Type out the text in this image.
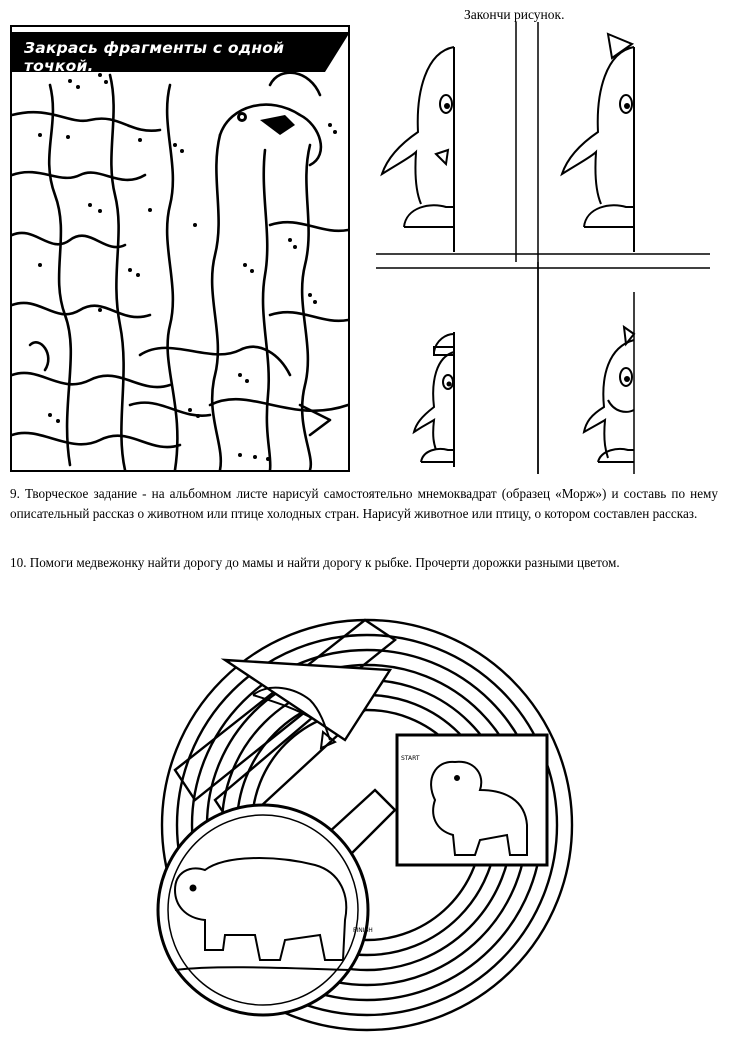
Закрась фрагменты с одной точкой.
Закончи рисунок.
9. Творческое задание - на альбомном листе нарисуй самостоятельно мнемоквадрат (образец «Морж») и составь по нему описательный рассказ о животном или птице холодных стран. Нарисуй животное или птицу, о котором составлен рассказ.
10. Помоги медвежонку найти дорогу до мамы и найти дорогу к рыбке. Прочерти дорожки разными цветом.
START
FINISH
